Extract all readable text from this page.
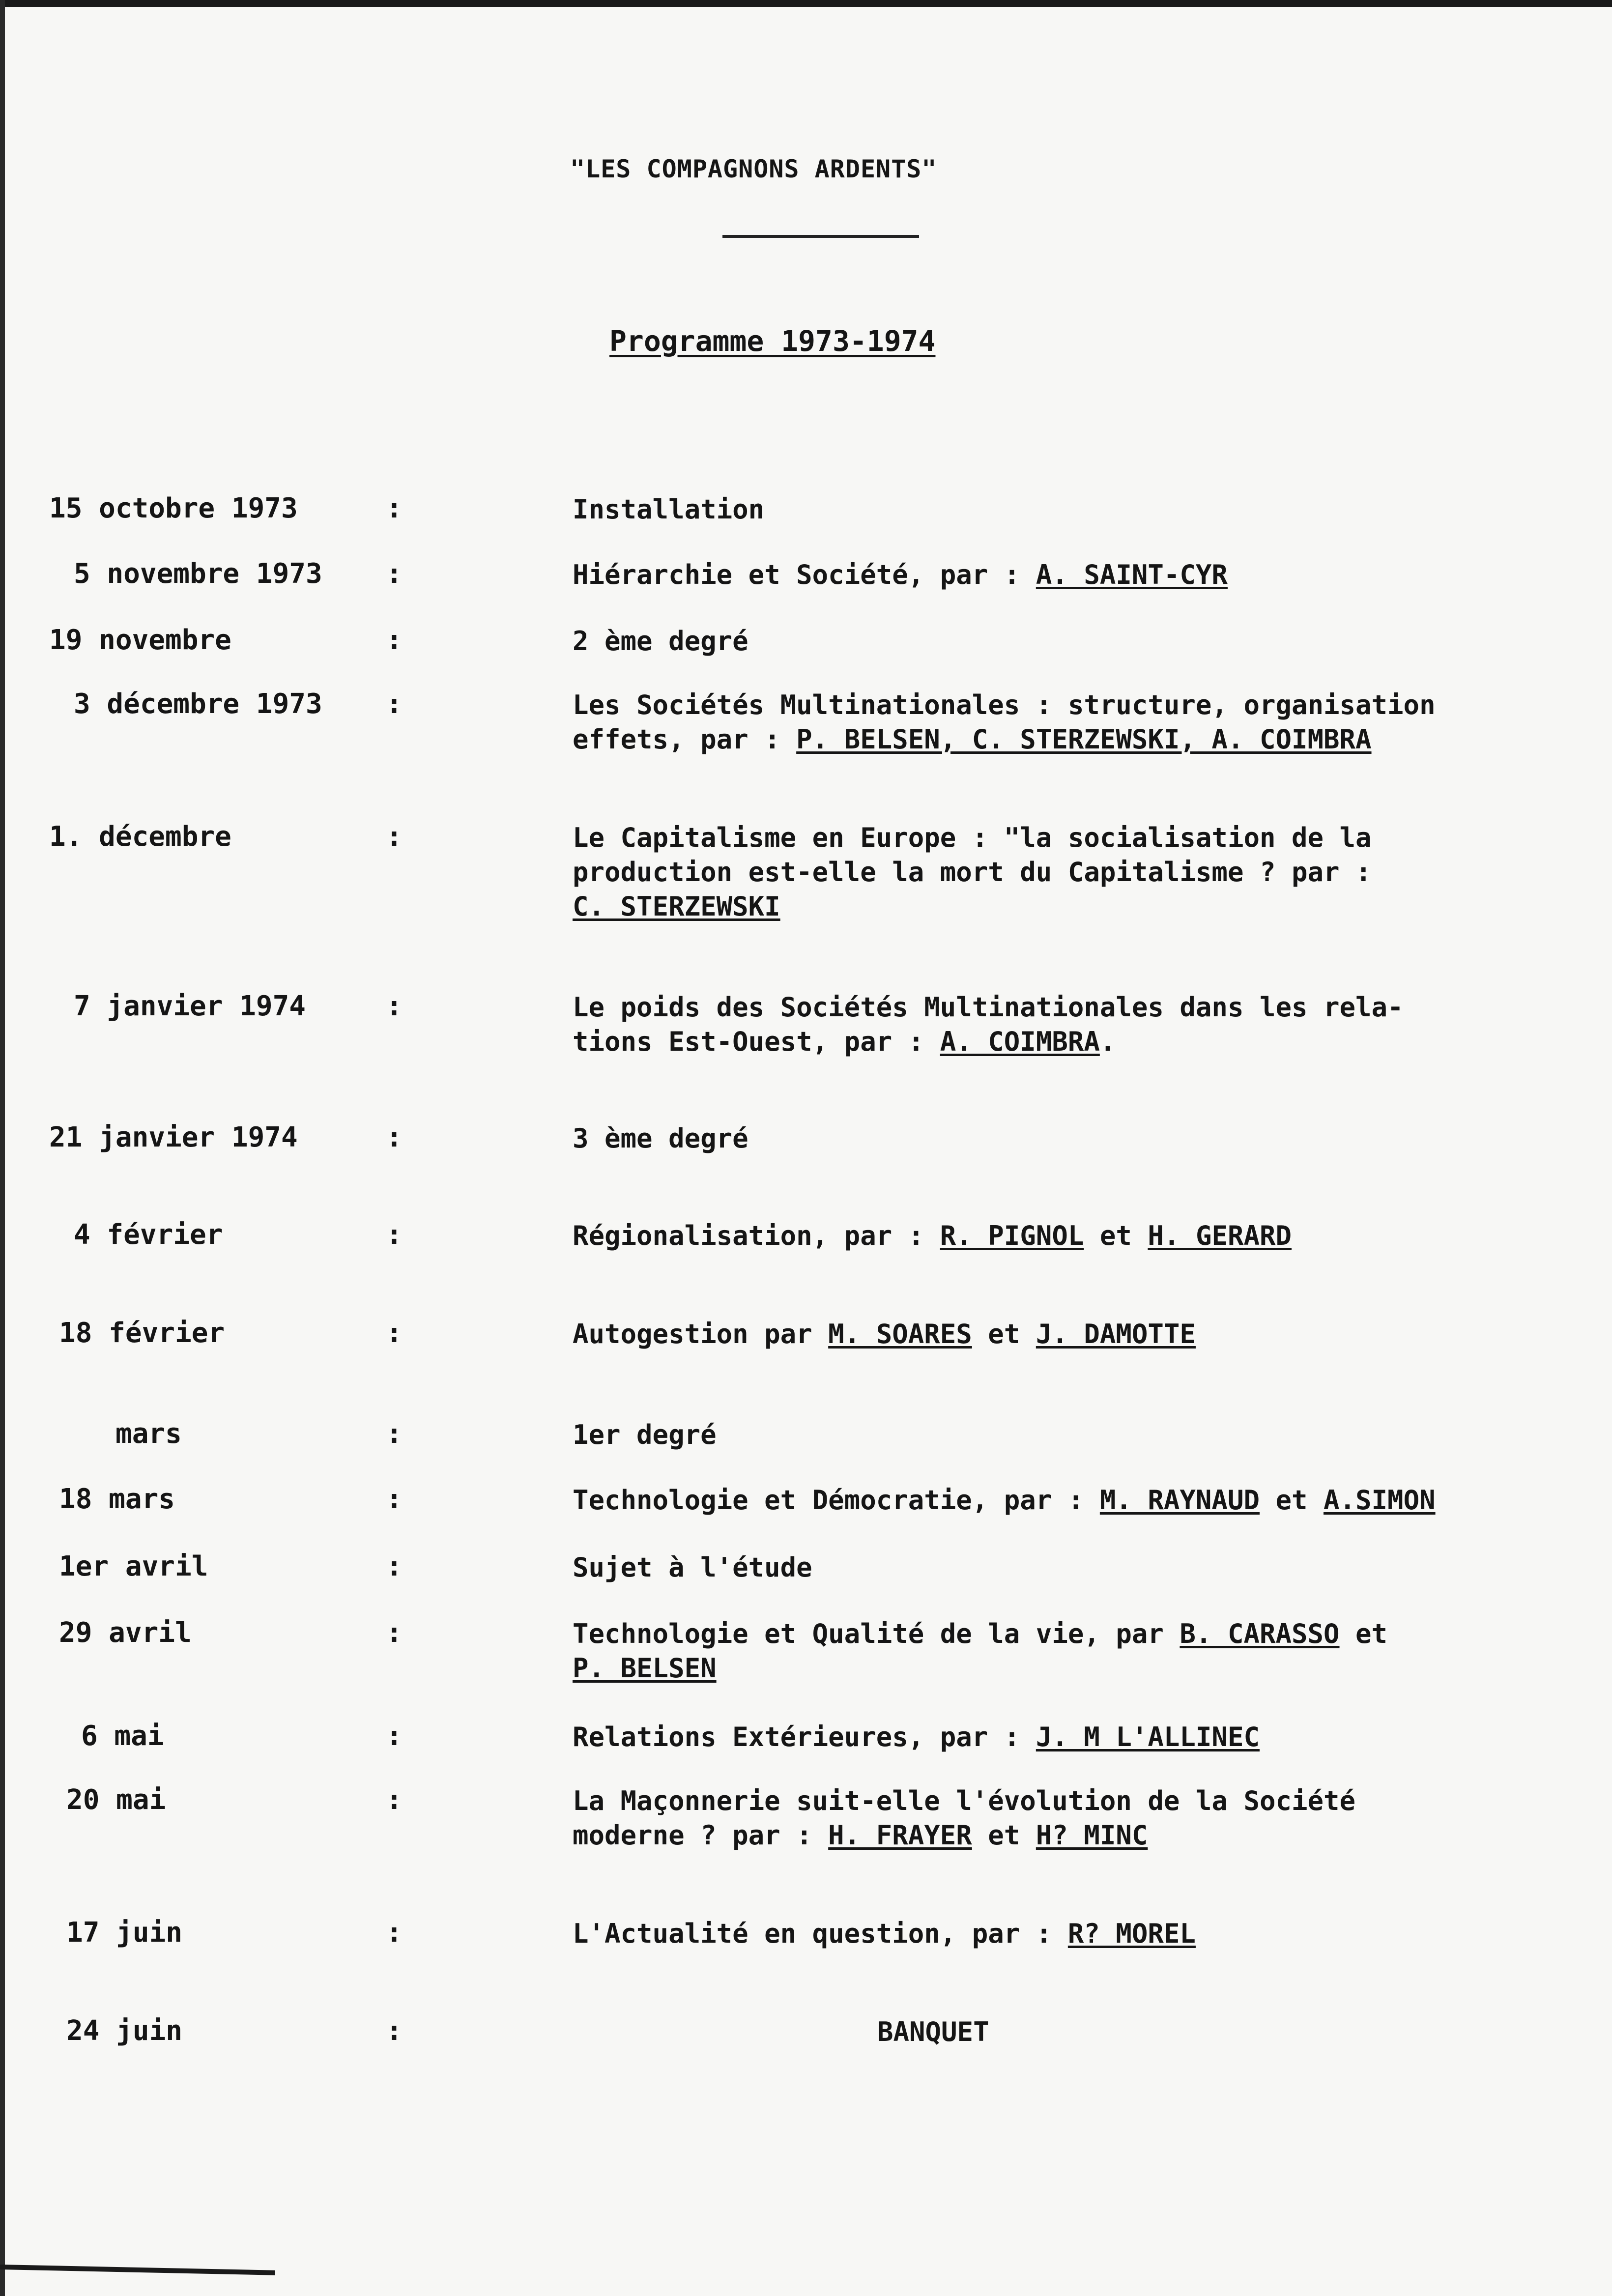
"LES COMPAGNONS ARDENTS"
Programme 1973-1974
15 octobre 1973	:	Installation
5 novembre 1973 :	Hiérarchie et Société, par : A. SAINT-CYR
19 novembre	:	2 ème degré
3 décembre 1973 :	Les Sociétés Multinationales : structure, organisation
effets, par : P. BELSEN, C. STERZEWSKI, A. COIMBRA
1. décembre	:	Le Capitalisme en Europe : "la socialisation de la
production est-elle la mort du Capitalisme ? par :
C. STERZEWSKI
7 janvier 1974	:	Le poids des Sociétés Multinationales dans les rela-
tions Est-Ouest, par : A. COIMBRA.
21 janvier 1974	:	3 ème degré
4 février	:	Régionalisation, par : R. PIGNOL et H. GERARD
18 février	:	Autogestion par M. SOARES et J. DAMOTTE
mars	:	1er degré
18 mars	:	Technologie et Démocratie, par : M. RAYNAUD et A.SIMON
1er avril	:	Sujet à l'étude
29 avril	:	Technologie et Qualité de la vie, par B. CARASSO et
P. BELSEN
6 mai	:	Relations Extérieures, par : J. M L'ALLINEC
20 mai	:	La Maçonnerie suit-elle l'évolution de la Société
moderne ? par : H. FRAYER et H? MINC
17 juin	:	L'Actualité en question, par : R? MOREL
24 juin	:	BANQUET
